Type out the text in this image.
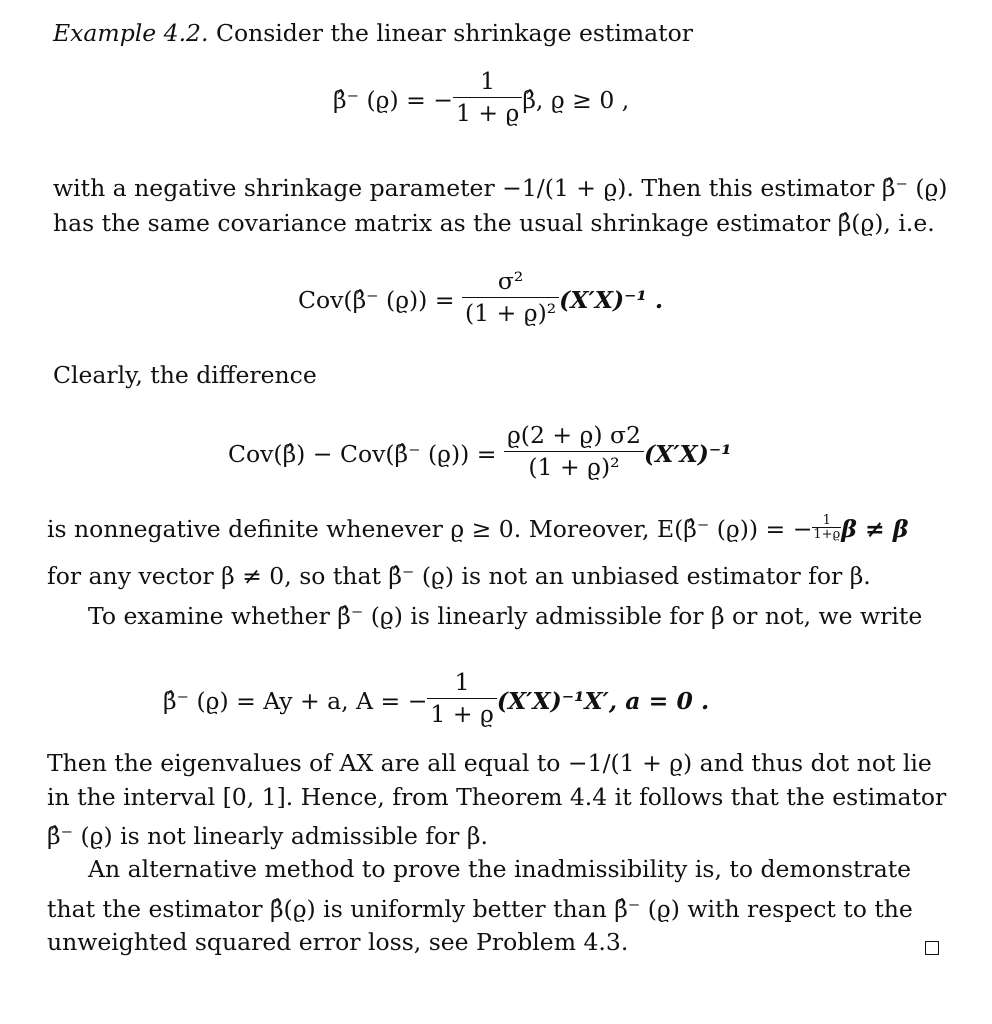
Example 4.2. Consider the linear shrinkage estimator
β̂⁻ (ϱ) = − $\frac{1}{1 + ϱ}$ β̂, ϱ ≥ 0 ,
with a negative shrinkage parameter −1/(1 + ϱ). Then this estimator β̂⁻ (ϱ)
has the same covariance matrix as the usual shrinkage estimator β̂(ϱ), i.e.
Cov(β̂⁻ $(ϱ)) = \frac{\text{σ²}}{\text{(1 + ϱ)²}} (X'X)^{-1}$ .
Clearly, the difference
Cov(β̂) − Cov(β̂⁻ $(ϱ)) = \frac{ϱ(2 + ϱ) \sigma 2}{\text{(1 + ϱ)²}} (X'X)^{-1}$
is nonnegative definite whenever ϱ ≥ 0. Moreover, E(β̂⁻ (ϱ)) = − $\frac{1}{1+ϱ}$ β ≠ β
for any vector β ≠ 0, so that β̂⁻ (ϱ) is not an unbiased estimator for β.
To examine whether β̂⁻ (ϱ) is linearly admissible for β or not, we write
β̂⁻ (ϱ) = Ay + a, A = − $\frac{1}{1 + ϱ} (X'X)^{-1}X'$, a = 0 .
Then the eigenvalues of AX are all equal to −1/(1 + ϱ) and thus dot not lie
in the interval [0, 1]. Hence, from Theorem 4.4 it follows that the estimator
β̂⁻ (ϱ) is not linearly admissible for β.
An alternative method to prove the inadmissibility is, to demonstrate
that the estimator β̂(ϱ) is uniformly better than β̂⁻ (ϱ) with respect to the
unweighted squared error loss, see Problem 4.3.
